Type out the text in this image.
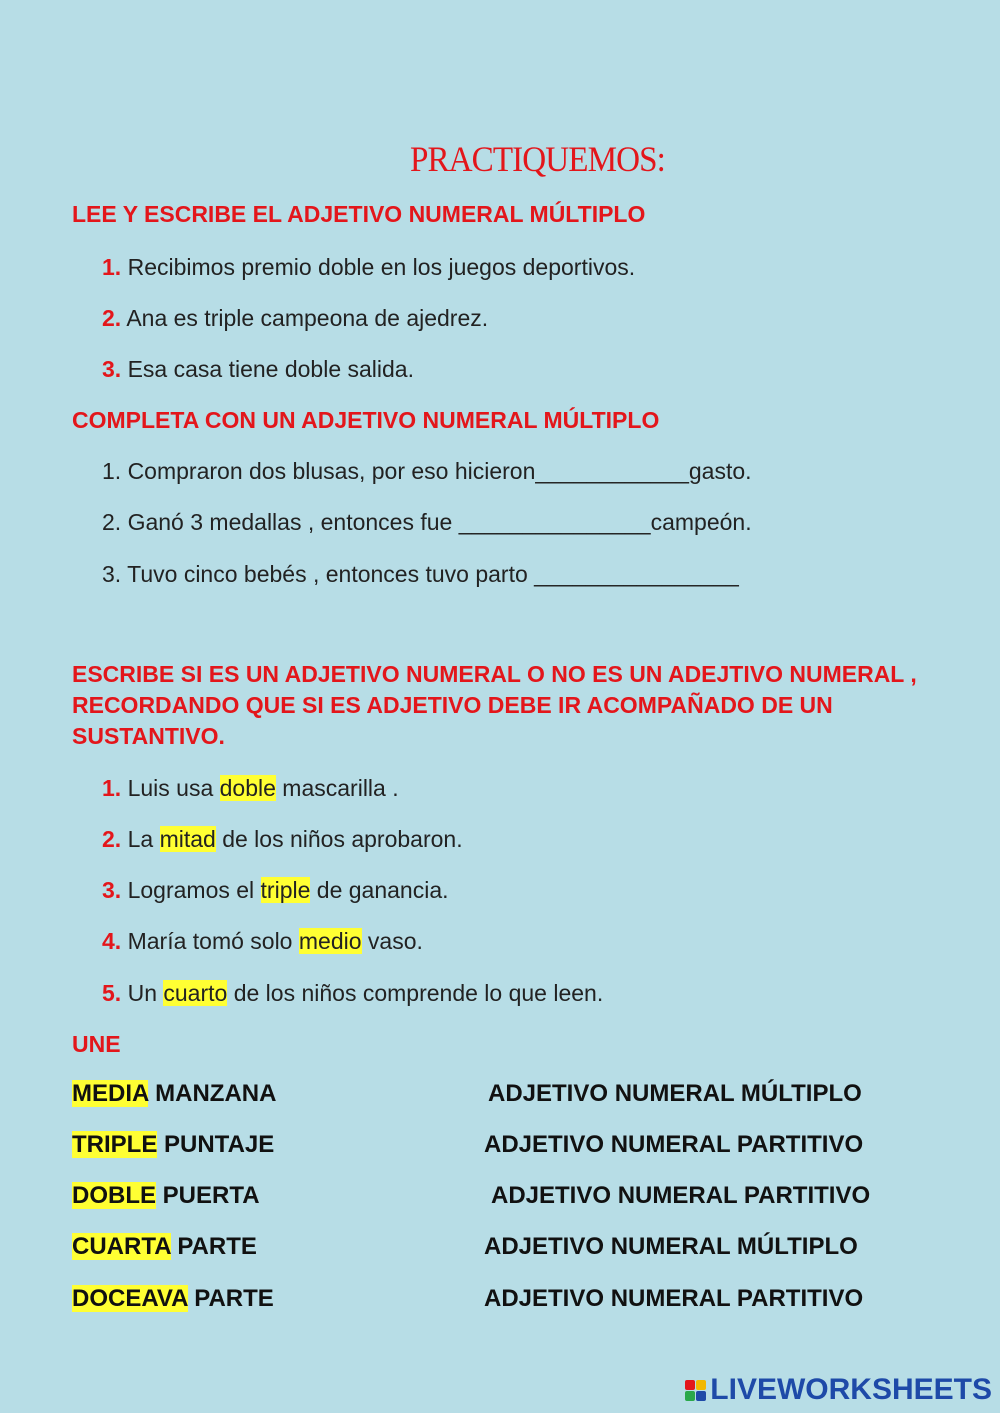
PRACTIQUEMOS:
LEE Y ESCRIBE EL ADJETIVO NUMERAL MÚLTIPLO
1. Recibimos premio doble en los juegos deportivos.
2. Ana es triple campeona de ajedrez.
3. Esa casa tiene doble salida.
COMPLETA CON UN ADJETIVO NUMERAL MÚLTIPLO
1. Compraron dos blusas, por eso hicieron____________gasto.
2. Ganó 3 medallas , entonces fue _______________campeón.
3. Tuvo cinco bebés , entonces tuvo parto ________________
ESCRIBE SI ES UN ADJETIVO NUMERAL O NO ES UN ADEJTIVO NUMERAL , RECORDANDO QUE SI ES ADJETIVO DEBE IR ACOMPAÑADO DE UN SUSTANTIVO.
1. Luis usa doble mascarilla .
2. La mitad de los niños aprobaron.
3. Logramos el triple de ganancia.
4. María tomó solo medio vaso.
5. Un cuarto de los niños comprende lo que leen.
UNE
MEDIA MANZANA
TRIPLE PUNTAJE
DOBLE PUERTA
CUARTA PARTE
DOCEAVA PARTE
ADJETIVO NUMERAL MÚLTIPLO
ADJETIVO NUMERAL PARTITIVO
ADJETIVO NUMERAL PARTITIVO
ADJETIVO NUMERAL MÚLTIPLO
ADJETIVO NUMERAL PARTITIVO
LIVEWORKSHEETS
